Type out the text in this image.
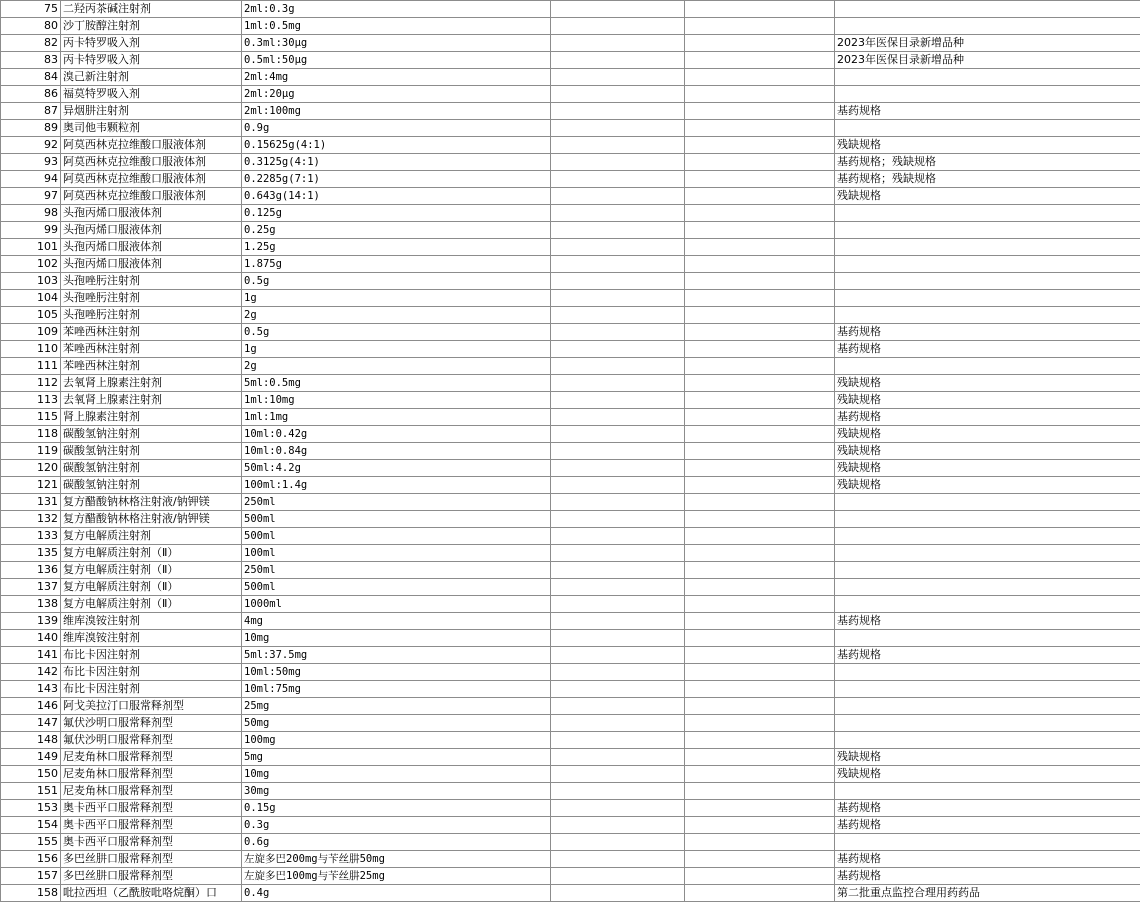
75	二羟丙茶碱注射剂	2ml:0.3g			
80	沙丁胺醇注射剂	1ml:0.5mg			
82	丙卡特罗吸入剂	0.3ml:30μg			2023年医保目录新增品种
83	丙卡特罗吸入剂	0.5ml:50μg			2023年医保目录新增品种
84	溴己新注射剂	2ml:4mg			
86	福莫特罗吸入剂	2ml:20μg			
87	异烟肼注射剂	2ml:100mg			基药规格
89	奥司他韦颗粒剂	0.9g			
92	阿莫西林克拉维酸口服液体剂	0.15625g(4:1)			残缺规格
93	阿莫西林克拉维酸口服液体剂	0.3125g(4:1)			基药规格；残缺规格
94	阿莫西林克拉维酸口服液体剂	0.2285g(7:1)			基药规格；残缺规格
97	阿莫西林克拉维酸口服液体剂	0.643g(14:1)			残缺规格
98	头孢丙烯口服液体剂	0.125g			
99	头孢丙烯口服液体剂	0.25g			
101	头孢丙烯口服液体剂	1.25g			
102	头孢丙烯口服液体剂	1.875g			
103	头孢唑肟注射剂	0.5g			
104	头孢唑肟注射剂	1g			
105	头孢唑肟注射剂	2g			
109	苯唑西林注射剂	0.5g			基药规格
110	苯唑西林注射剂	1g			基药规格
111	苯唑西林注射剂	2g			
112	去氧肾上腺素注射剂	5ml:0.5mg			残缺规格
113	去氧肾上腺素注射剂	1ml:10mg			残缺规格
115	肾上腺素注射剂	1ml:1mg			基药规格
118	碳酸氢钠注射剂	10ml:0.42g			残缺规格
119	碳酸氢钠注射剂	10ml:0.84g			残缺规格
120	碳酸氢钠注射剂	50ml:4.2g			残缺规格
121	碳酸氢钠注射剂	100ml:1.4g			残缺规格
131	复方醋酸钠林格注射液/钠钾镁	250ml			
132	复方醋酸钠林格注射液/钠钾镁	500ml			
133	复方电解质注射剂	500ml			
135	复方电解质注射剂（Ⅱ）	100ml			
136	复方电解质注射剂（Ⅱ）	250ml			
137	复方电解质注射剂（Ⅱ）	500ml			
138	复方电解质注射剂（Ⅱ）	1000ml			
139	维库溴铵注射剂	4mg			基药规格
140	维库溴铵注射剂	10mg			
141	布比卡因注射剂	5ml:37.5mg			基药规格
142	布比卡因注射剂	10ml:50mg			
143	布比卡因注射剂	10ml:75mg			
146	阿戈美拉汀口服常释剂型	25mg			
147	氟伏沙明口服常释剂型	50mg			
148	氟伏沙明口服常释剂型	100mg			
149	尼麦角林口服常释剂型	5mg			残缺规格
150	尼麦角林口服常释剂型	10mg			残缺规格
151	尼麦角林口服常释剂型	30mg			
153	奥卡西平口服常释剂型	0.15g			基药规格
154	奥卡西平口服常释剂型	0.3g			基药规格
155	奥卡西平口服常释剂型	0.6g			
156	多巴丝肼口服常释剂型	左旋多巴200mg与苄丝肼50mg			基药规格
157	多巴丝肼口服常释剂型	左旋多巴100mg与苄丝肼25mg			基药规格
158	吡拉西坦（乙酰胺吡咯烷酮）口	0.4g			第二批重点监控合理用药药品
